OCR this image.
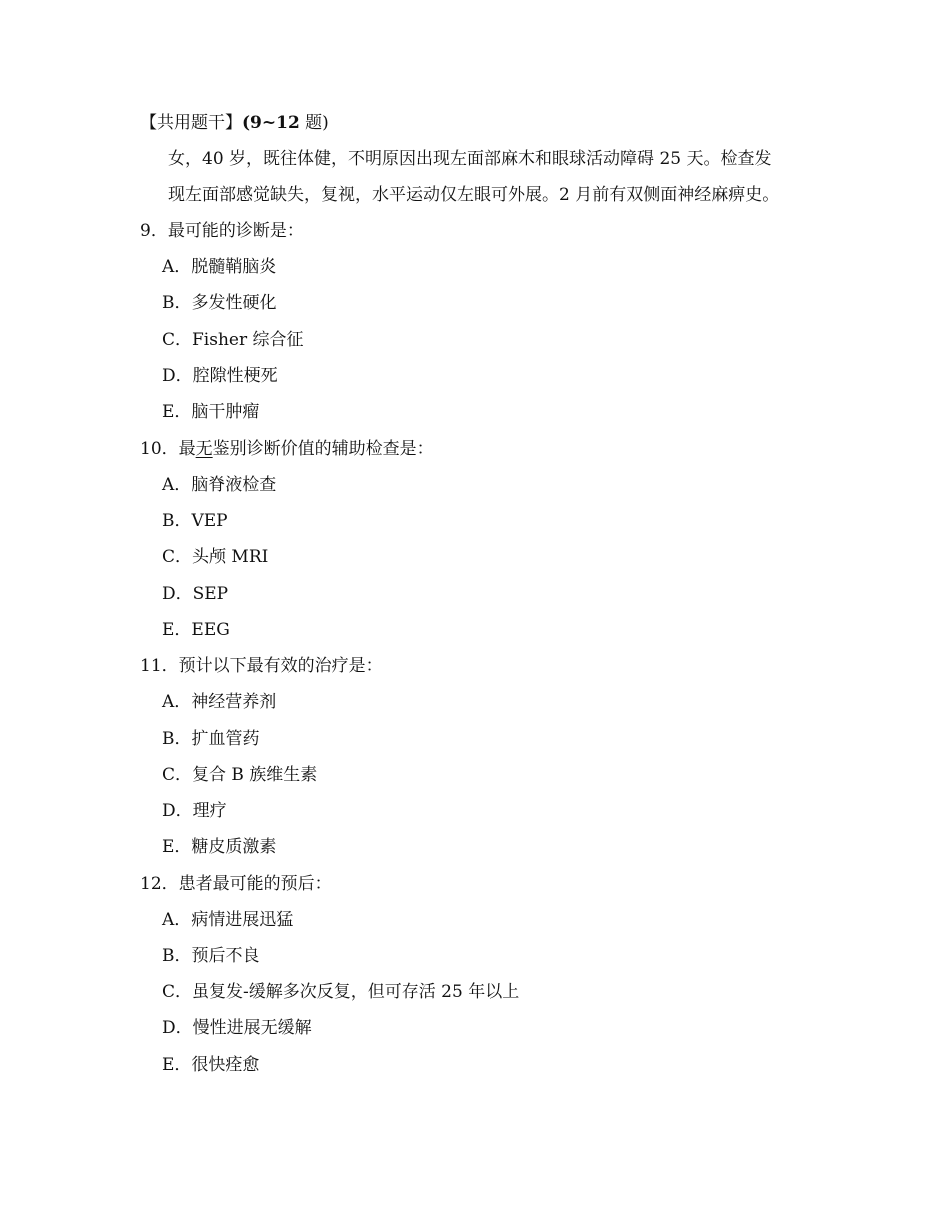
【共用题干】(9~12 题)
女，40 岁，既往体健，不明原因出现左面部麻木和眼球活动障碍 25 天。检查发
现左面部感觉缺失，复视，水平运动仅左眼可外展。2 月前有双侧面神经麻痹史。
9．最可能的诊断是：
A．脱髓鞘脑炎
B．多发性硬化
C．Fisher 综合征
D．腔隙性梗死
E．脑干肿瘤
10．最无鉴别诊断价值的辅助检查是：
A．脑脊液检查
B．VEP
C．头颅 MRI
D．SEP
E．EEG
11．预计以下最有效的治疗是：
A．神经营养剂
B．扩血管药
C．复合 B 族维生素
D．理疗
E．糖皮质激素
12．患者最可能的预后：
A．病情进展迅猛
B．预后不良
C．虽复发-缓解多次反复，但可存活 25 年以上
D．慢性进展无缓解
E．很快痊愈
